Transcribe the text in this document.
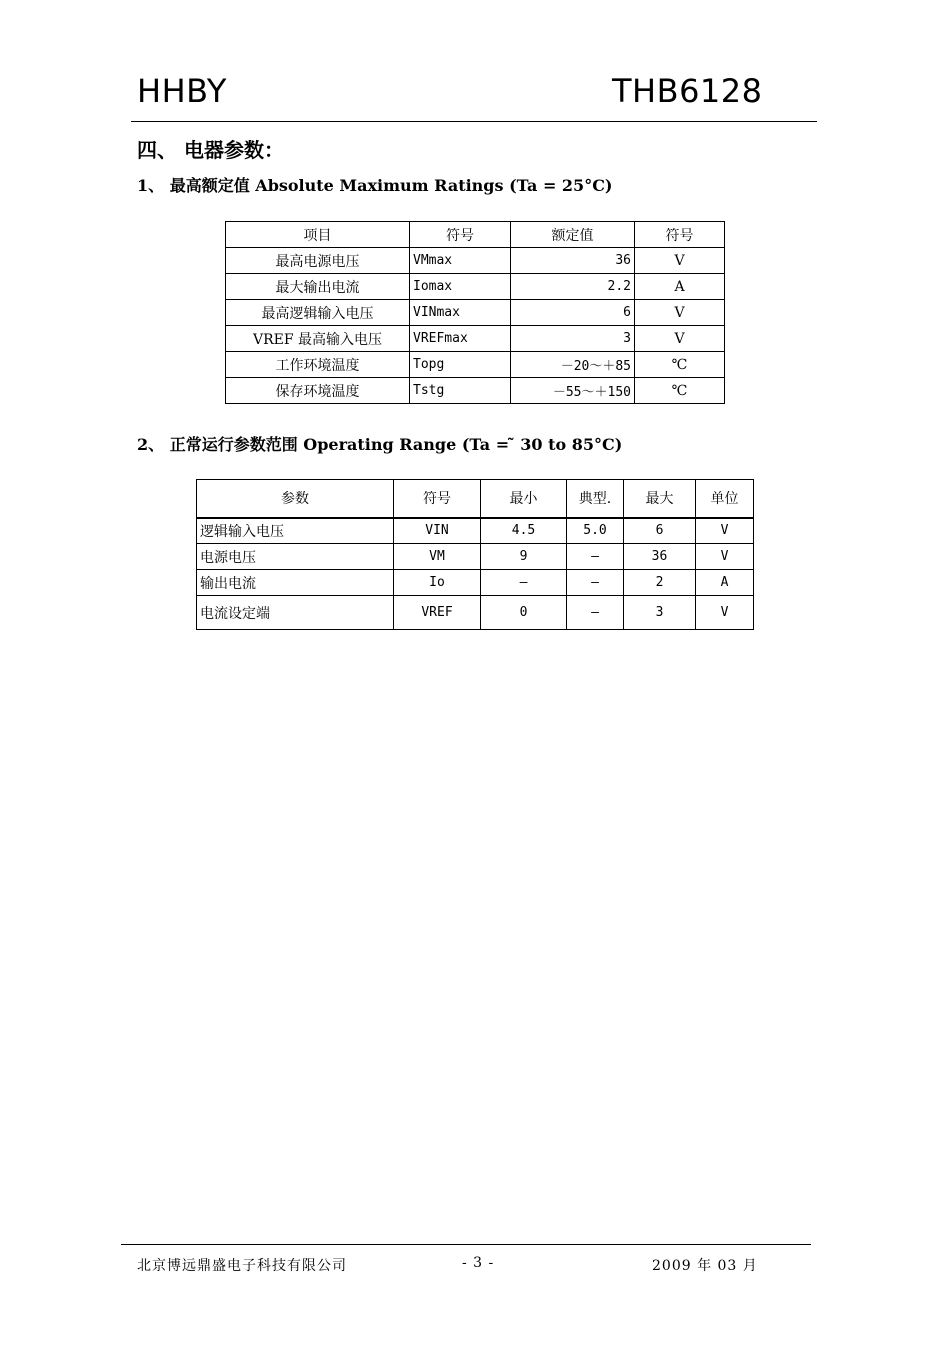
HHBY	THB6128
四、 电器参数：
1、 最高额定值 Absolute Maximum Ratings (Ta = 25°C)
项目	符号	额定值	符号
最高电源电压	VMmax	36	V
最大输出电流	Iomax	2.2	A
最高逻辑输入电压	VINmax	6	V
VREF 最高输入电压	VREFmax	3	V
工作环境温度	Topg	－20～＋85	℃
保存环境温度	Tstg	－55～＋150	℃
2、 正常运行参数范围 Operating Range (Ta = ̃ 30 to 85°C)
参数	符号	最小	典型.	最大	单位
逻辑输入电压	VIN	4.5	5.0	6	V
电源电压	VM	9	—	36	V
输出电流	Io	—	—	2	A
电流设定端	VREF	0	—	3	V
北京博远鼎盛电子科技有限公司	- 3 -	2009 年 03 月
